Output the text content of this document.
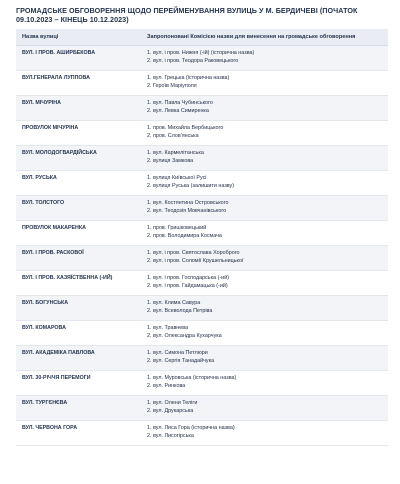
ГРОМАДСЬКЕ ОБГОВОРЕННЯ ЩОДО ПЕРЕЙМЕНУВАННЯ ВУЛИЦЬ У М. БЕРДИЧЕВІ (ПОЧАТОК 09.10.2023 – КІНЕЦЬ 10.12.2023)
Назва вулиці	Запропоновані Комісією назви для винесення на громадське обговорення
ВУЛ. І ПРОВ. АШИРБЕКОВА	1. вул. і пров. Нижня (-ій) (історична назва)
2. вул. і пров. Теодора Раковецького

ВУЛ.ГЕНЕРАЛА ЛУППОВА	1. вул. Грецька (історична назва)
2. Героїв Маріуполя

ВУЛ. МІЧУРІНА	1. вул. Павла Чубинського
2. вул. Левка Симиренка

ПРОВУЛОК МІЧУРІНА	1. пров. Михайла Вербицького
2. пров. Слов'янська

ВУЛ. МОЛОДОГВАРДІЙСЬКА	1. вул. Кармелітанська
2. вулиця Замкова

ВУЛ. РУСЬКА	1. вулиця Київської Русі
2. вулиця Руська (залишити назву)

ВУЛ. ТОЛСТОГО	1. вул. Костянтина Островського
2. вул. Теодозія Мовчанівського

ПРОВУЛОК МАКАРЕНКА	1. пров. Гришковецький
2. пров. Володимира Космача

ВУЛ. І ПРОВ. РАСКОВОЇ	1. вул. і пров. Святослава Хороброго
2. вул. і пров. Соломії Крушельницької

ВУЛ. І ПРОВ. ХАЗЯЇСТВЕННА (-ИЙ)	1. вул. і пров. Господарська (-ий)
2. вул. і пров. Гайдамацька (-ий)

ВУЛ. БОГУНСЬКА	1. вул. Клима Савура
2. вул. Всеволода Петріва

ВУЛ. КОМАРОВА	1. вул. Травнева
2. вул. Олександра Кухарчука

ВУЛ. АКАДЕМІКА ПАВЛОВА	1. вул. Симона Петлюри
2. вул. Сергія Танадайчука

ВУЛ. 30-РІЧЧЯ ПЕРЕМОГИ	1. вул. Муровська (історична назва)
2. вул. Ринкова

ВУЛ. ТУРГЄНЄВА	1. вул. Олени Теліги
2. вул. Друкарська

ВУЛ. ЧЕРВОНА ГОРА	1. вул. Лиса Гора (історична назва)
2. вул. Лисогірська
